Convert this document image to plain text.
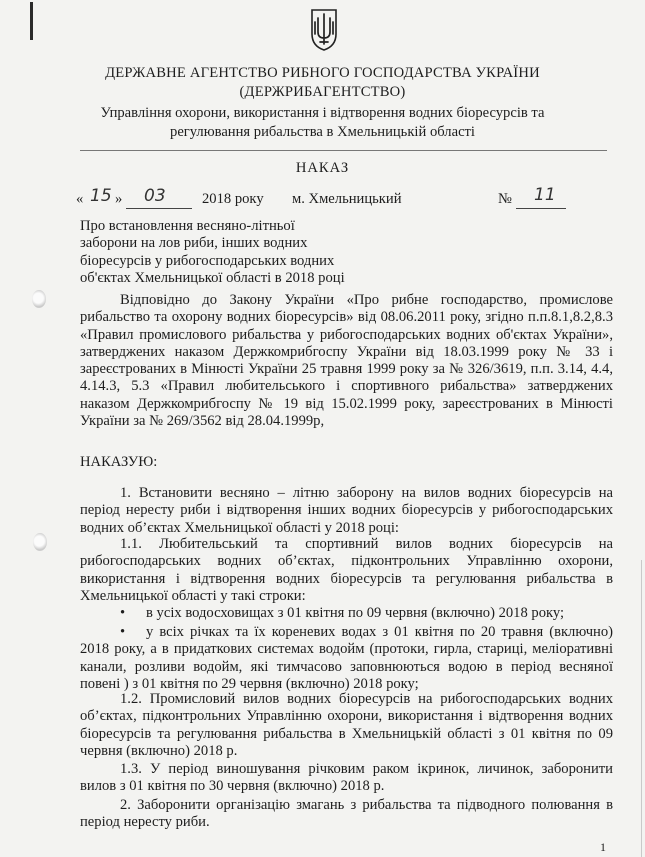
ДЕРЖАВНЕ АГЕНТСТВО РИБНОГО ГОСПОДАРСТВА УКРАЇНИ
(ДЕРЖРИБАГЕНТСТВО)
Управління охорони, використання і відтворення водних біоресурсів та
регулювання рибальства в Хмельницькій області
НАКАЗ
« 15 » 03 2018 року м. Хмельницький	№ 11
Про встановлення весняно-літньої
заборони на лов риби, інших водних
біоресурсів у рибогосподарських водних
об'єктах Хмельницької області в 2018 році
Відповідно до Закону України «Про рибне господарство, промислове рибальство та охорону водних біоресурсів» від 08.06.2011 року, згідно п.п.8.1,8.2,8.3 «Правил промислового рибальства у рибогосподарських водних об'єктах України», затверджених наказом Держкомрибгоспу України від 18.03.1999 року № 33 і зареєстрованих в Мінюсті України 25 травня 1999 року за № 326/3619, п.п. 3.14, 4.4, 4.14.3, 5.3 «Правил любительського і спортивного рибальства» затверджених наказом Держкомрибгоспу № 19 від 15.02.1999 року, зареєстрованих в Мінюсті України за № 269/3562 від 28.04.1999р,
НАКАЗУЮ:
1. Встановити весняно – літню заборону на вилов водних біоресурсів на період нересту риби і відтворення інших водних біоресурсів у рибогосподарських водних об’єктах Хмельницької області у 2018 році:
1.1. Любительський та спортивний вилов водних біоресурсів на рибогосподарських водних об’єктах, підконтрольних Управлінню охорони, використання і відтворення водних біоресурсів та регулювання рибальства в Хмельницької області у такі строки:
•	в усіх водосховищах з 01 квітня по 09 червня (включно) 2018 року;
•	у всіх річках та їх кореневих водах з 01 квітня по 20 травня (включно) 2018 року, а в придаткових системах водойм (протоки, гирла, стариці, меліоративні канали, розливи водойм, які тимчасово заповнюються водою в період весняної повені ) з 01 квітня по 29 червня (включно) 2018 року;
1.2. Промисловий вилов водних біоресурсів на рибогосподарських водних об’єктах, підконтрольних Управлінню охорони, використання і відтворення водних біоресурсів та регулювання рибальства в Хмельницькій області з 01 квітня по 09 червня (включно) 2018 р.
1.3. У період виношування річковим раком ікринок, личинок, заборонити вилов з 01 квітня по 30 червня (включно) 2018 р.
2. Заборонити організацію змагань з рибальства та підводного полювання в період нересту риби.
1
